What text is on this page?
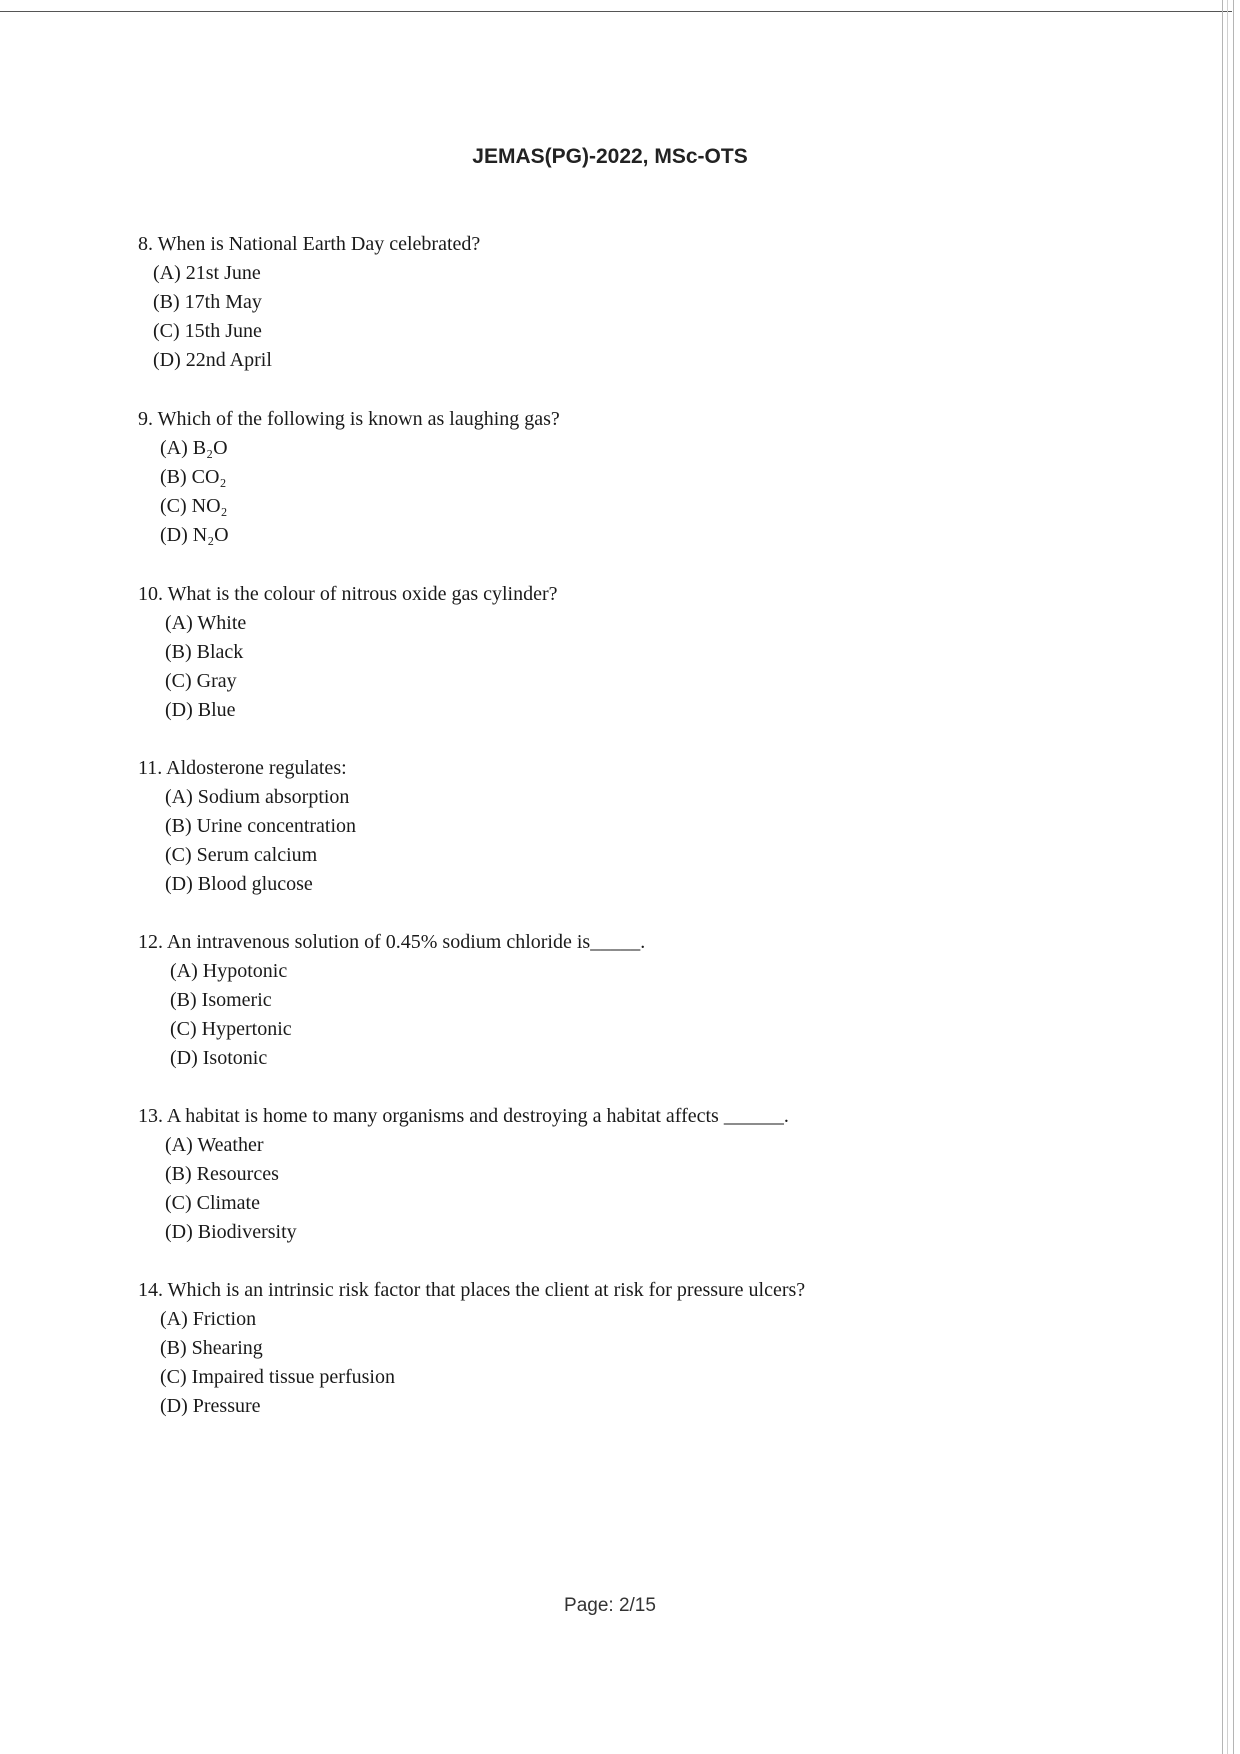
JEMAS(PG)-2022, MSc-OTS
8. When is National Earth Day celebrated?
(A) 21st June
(B) 17th May
(C) 15th June
(D) 22nd April
9. Which of the following is known as laughing gas?
(A) B₂O
(B) CO₂
(C) NO₂
(D) N₂O
10. What is the colour of nitrous oxide gas cylinder?
(A) White
(B) Black
(C) Gray
(D) Blue
11. Aldosterone regulates:
(A) Sodium absorption
(B) Urine concentration
(C) Serum calcium
(D) Blood glucose
12. An intravenous solution of 0.45% sodium chloride is_____.
(A) Hypotonic
(B) Isomeric
(C) Hypertonic
(D) Isotonic
13. A habitat is home to many organisms and destroying a habitat affects ______.
(A) Weather
(B) Resources
(C) Climate
(D) Biodiversity
14. Which is an intrinsic risk factor that places the client at risk for pressure ulcers?
(A) Friction
(B) Shearing
(C) Impaired tissue perfusion
(D) Pressure
Page: 2/15
